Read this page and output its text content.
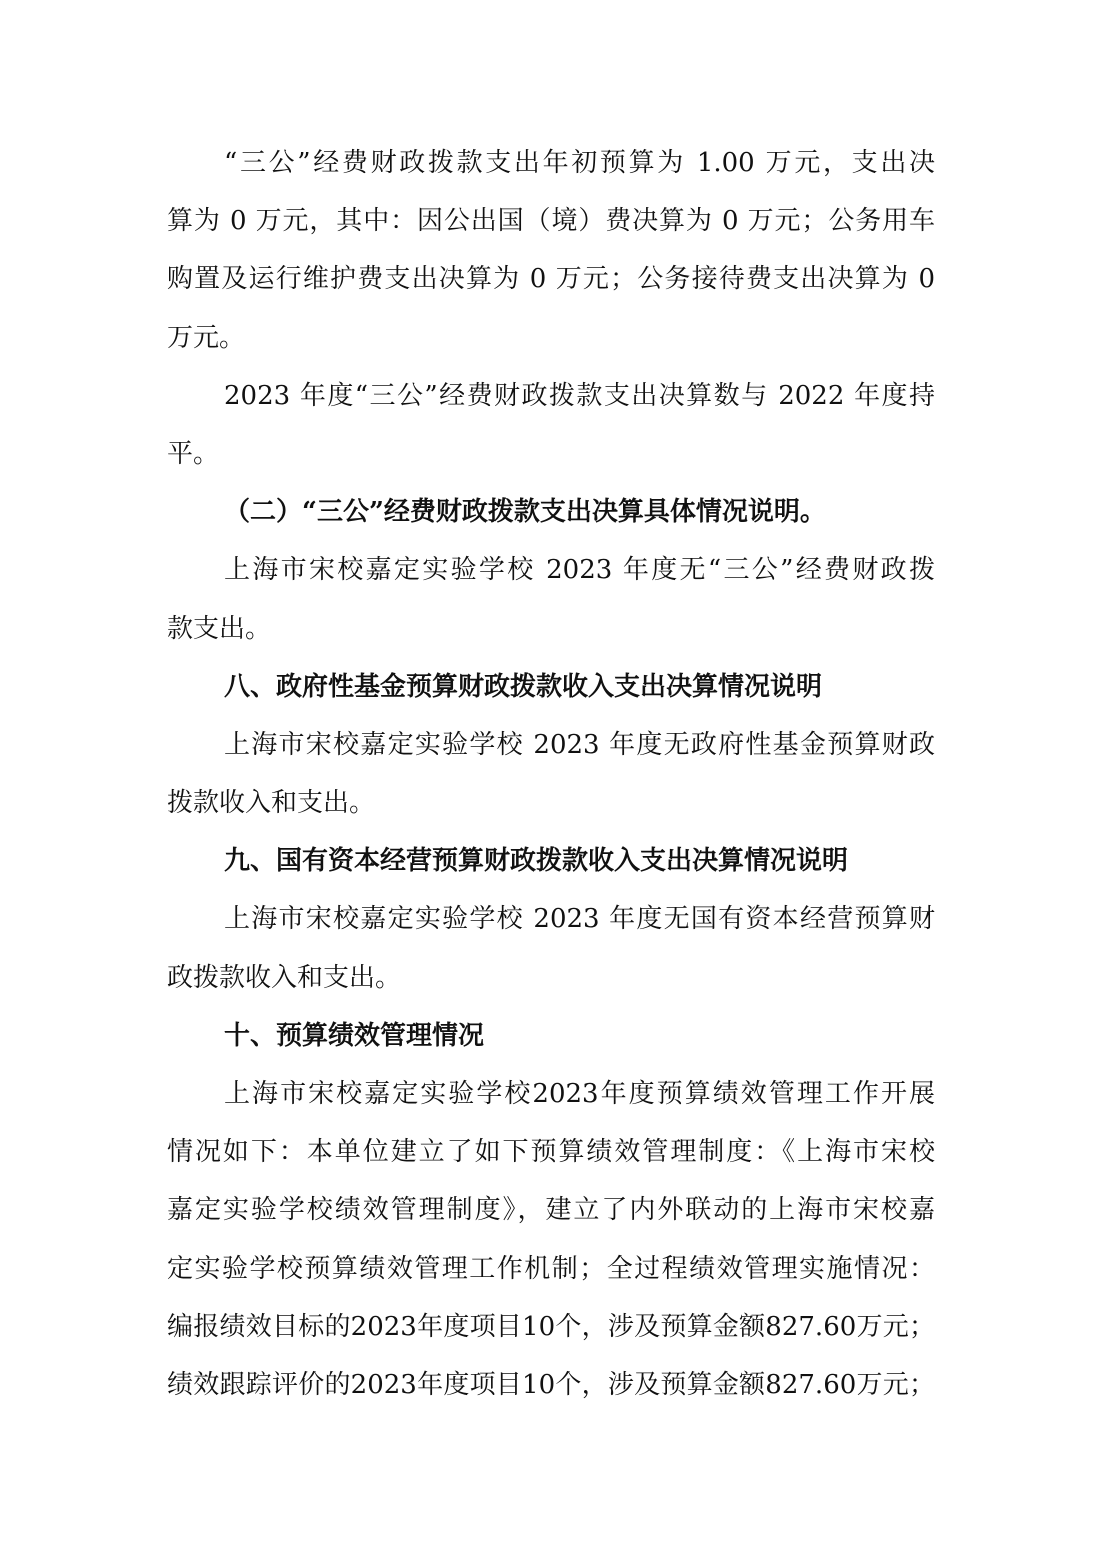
“三公”经费财政拨款支出年初预算为 1.00 万元，支出决
算为 0 万元，其中：因公出国（境）费决算为 0 万元；公务用车
购置及运行维护费支出决算为 0 万元；公务接待费支出决算为 0
万元。
2023 年度“三公”经费财政拨款支出决算数与 2022 年度持
平。
（二）“三公”经费财政拨款支出决算具体情况说明。
上海市宋校嘉定实验学校 2023 年度无“三公”经费财政拨
款支出。
八、政府性基金预算财政拨款收入支出决算情况说明
上海市宋校嘉定实验学校 2023 年度无政府性基金预算财政
拨款收入和支出。
九、国有资本经营预算财政拨款收入支出决算情况说明
上海市宋校嘉定实验学校 2023 年度无国有资本经营预算财
政拨款收入和支出。
十、预算绩效管理情况
上海市宋校嘉定实验学校2023年度预算绩效管理工作开展
情况如下：本单位建立了如下预算绩效管理制度：《上海市宋校
嘉定实验学校绩效管理制度》，建立了内外联动的上海市宋校嘉
定实验学校预算绩效管理工作机制；全过程绩效管理实施情况：
编报绩效目标的2023年度项目10个，涉及预算金额827.60万元；
绩效跟踪评价的2023年度项目10个，涉及预算金额827.60万元；
